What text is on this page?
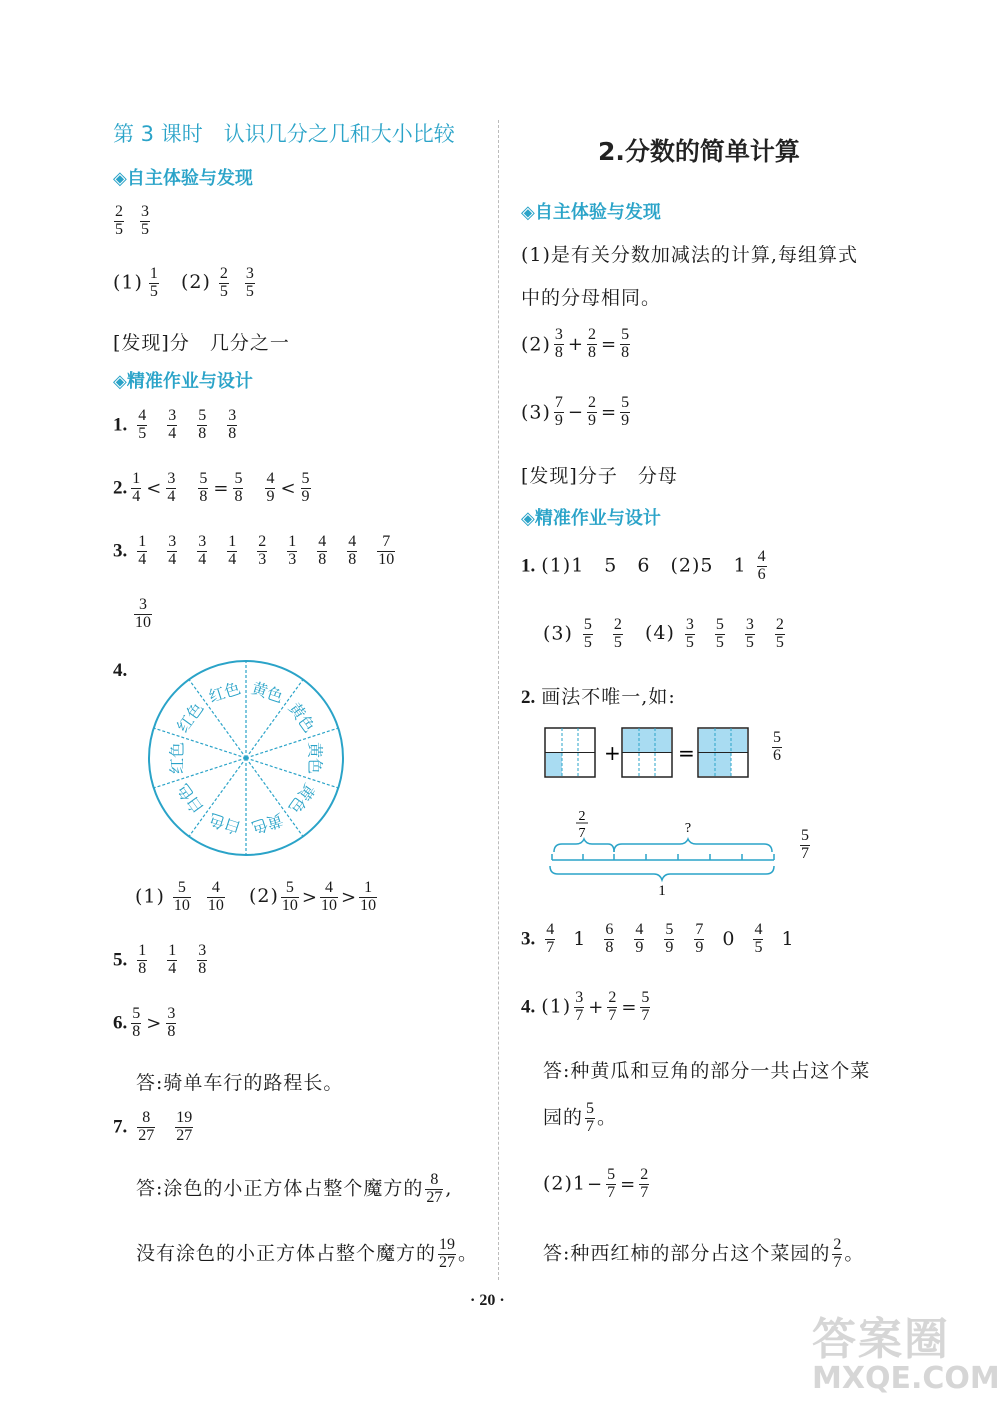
第 3 课时　认识几分之几和大小比较
◈自主体验与发现
$\frac{2}{5} \frac{3}{5}$
$(1) \frac{1}{5} (2) \frac{2}{5} \frac{3}{5}$
[发现]分　几分之一
◈精准作业与设计
1. $\frac{4}{5} \frac{3}{4} \frac{5}{8} \frac{3}{8}$
2. $\frac{1}{4} < \frac{3}{4} \frac{5}{8} = \frac{5}{8} \frac{4}{9} < \frac{5}{9}$
3. $\frac{1}{4} \frac{3}{4} \frac{3}{4} \frac{1}{4} \frac{2}{3} \frac{1}{3} \frac{4}{8} \frac{4}{8} \frac{7}{10}$
$\frac{3}{10}$
4.
黄色
黄色
黄色
黄色
黄色
白色
白色
红色
红色
红色
$(1) \frac{5}{10} \frac{4}{10} (2) \frac{5}{10} > \frac{4}{10} > \frac{1}{10}$
5. $\frac{1}{8} \frac{1}{4} \frac{3}{8}$
6. $\frac{5}{8} > \frac{3}{8}$
答:骑单车行的路程长。
7. $\frac{8}{27} \frac{19}{27}$
答:涂色的小正方体占整个魔方的 $\frac{8}{27}$ ,
没有涂色的小正方体占整个魔方的 $\frac{19}{27}$ 。
2.分数的简单计算
◈自主体验与发现
(1)是有关分数加减法的计算,每组算式
中的分母相同。
$(2) \frac{3}{8} + \frac{2}{8} = \frac{5}{8}$
$(3) \frac{7}{9} - \frac{2}{9} = \frac{5}{9}$
[发现]分子　分母
◈精准作业与设计
1. (1)1　5　6　(2)5　$1 \frac{4}{6}$
$(3) \frac{5}{5} \frac{2}{5} (4) \frac{3}{5} \frac{5}{5} \frac{3}{5} \frac{2}{5}$
2. 画法不唯一,如:
+	=	$\frac{5}{6}$
2
7	?
1
$\frac{5}{7}$
3. $\frac{4}{7} 1 \frac{6}{8} \frac{4}{9} \frac{5}{9} \frac{7}{9} 0 \frac{4}{5} 1$
4. $(1) \frac{3}{7} + \frac{2}{7} = \frac{5}{7}$
答:种黄瓜和豆角的部分一共占这个菜
园的 $\frac{5}{7}$ 。
$(2)1- \frac{5}{7} = \frac{2}{7}$
答:种西红柿的部分占这个菜园的 $\frac{2}{7}$ 。
· 20 ·
答案圈
MXQE.COM
